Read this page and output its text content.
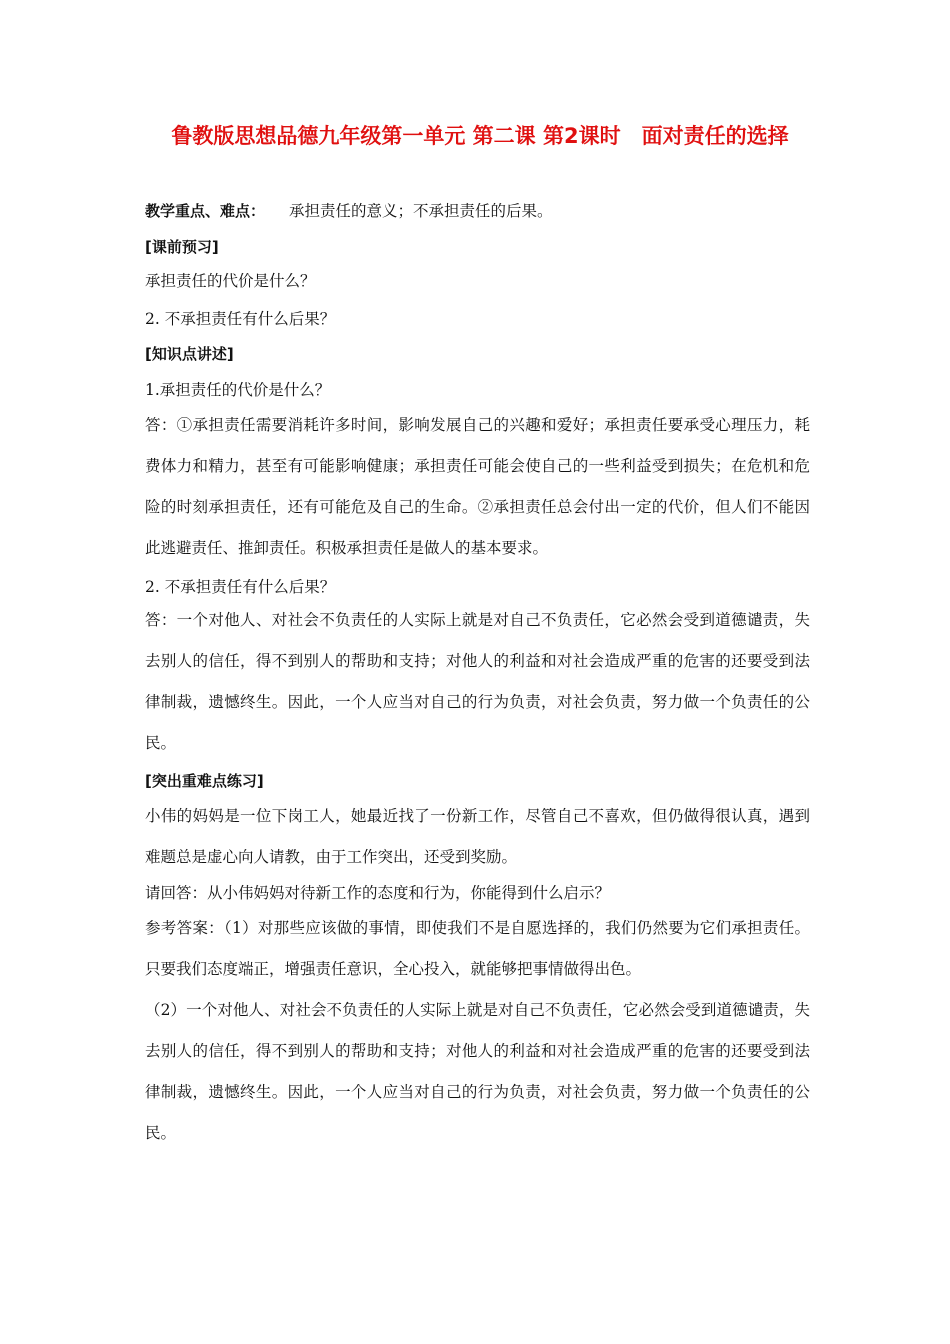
鲁教版思想品德九年级第一单元 第二课 第2课时　面对责任的选择
教学重点、难点： 承担责任的意义；不承担责任的后果。
[课前预习]
承担责任的代价是什么？
2. 不承担责任有什么后果？
[知识点讲述]
1.承担责任的代价是什么？
答：①承担责任需要消耗许多时间，影响发展自己的兴趣和爱好；承担责任要承受心理压力，耗费体力和精力，甚至有可能影响健康；承担责任可能会使自己的一些利益受到损失；在危机和危险的时刻承担责任，还有可能危及自己的生命。②承担责任总会付出一定的代价，但人们不能因此逃避责任、推卸责任。积极承担责任是做人的基本要求。
2. 不承担责任有什么后果？
答：一个对他人、对社会不负责任的人实际上就是对自己不负责任，它必然会受到道德谴责，失去别人的信任，得不到别人的帮助和支持；对他人的利益和对社会造成严重的危害的还要受到法律制裁，遗憾终生。因此，一个人应当对自己的行为负责，对社会负责，努力做一个负责任的公民。
[突出重难点练习]
小伟的妈妈是一位下岗工人，她最近找了一份新工作，尽管自己不喜欢，但仍做得很认真，遇到难题总是虚心向人请教，由于工作突出，还受到奖励。
请回答：从小伟妈妈对待新工作的态度和行为，你能得到什么启示？
参考答案：（1）对那些应该做的事情，即使我们不是自愿选择的，我们仍然要为它们承担责任。只要我们态度端正，增强责任意识，全心投入，就能够把事情做得出色。
（2）一个对他人、对社会不负责任的人实际上就是对自己不负责任，它必然会受到道德谴责，失去别人的信任，得不到别人的帮助和支持；对他人的利益和对社会造成严重的危害的还要受到法律制裁，遗憾终生。因此，一个人应当对自己的行为负责，对社会负责，努力做一个负责任的公民。
